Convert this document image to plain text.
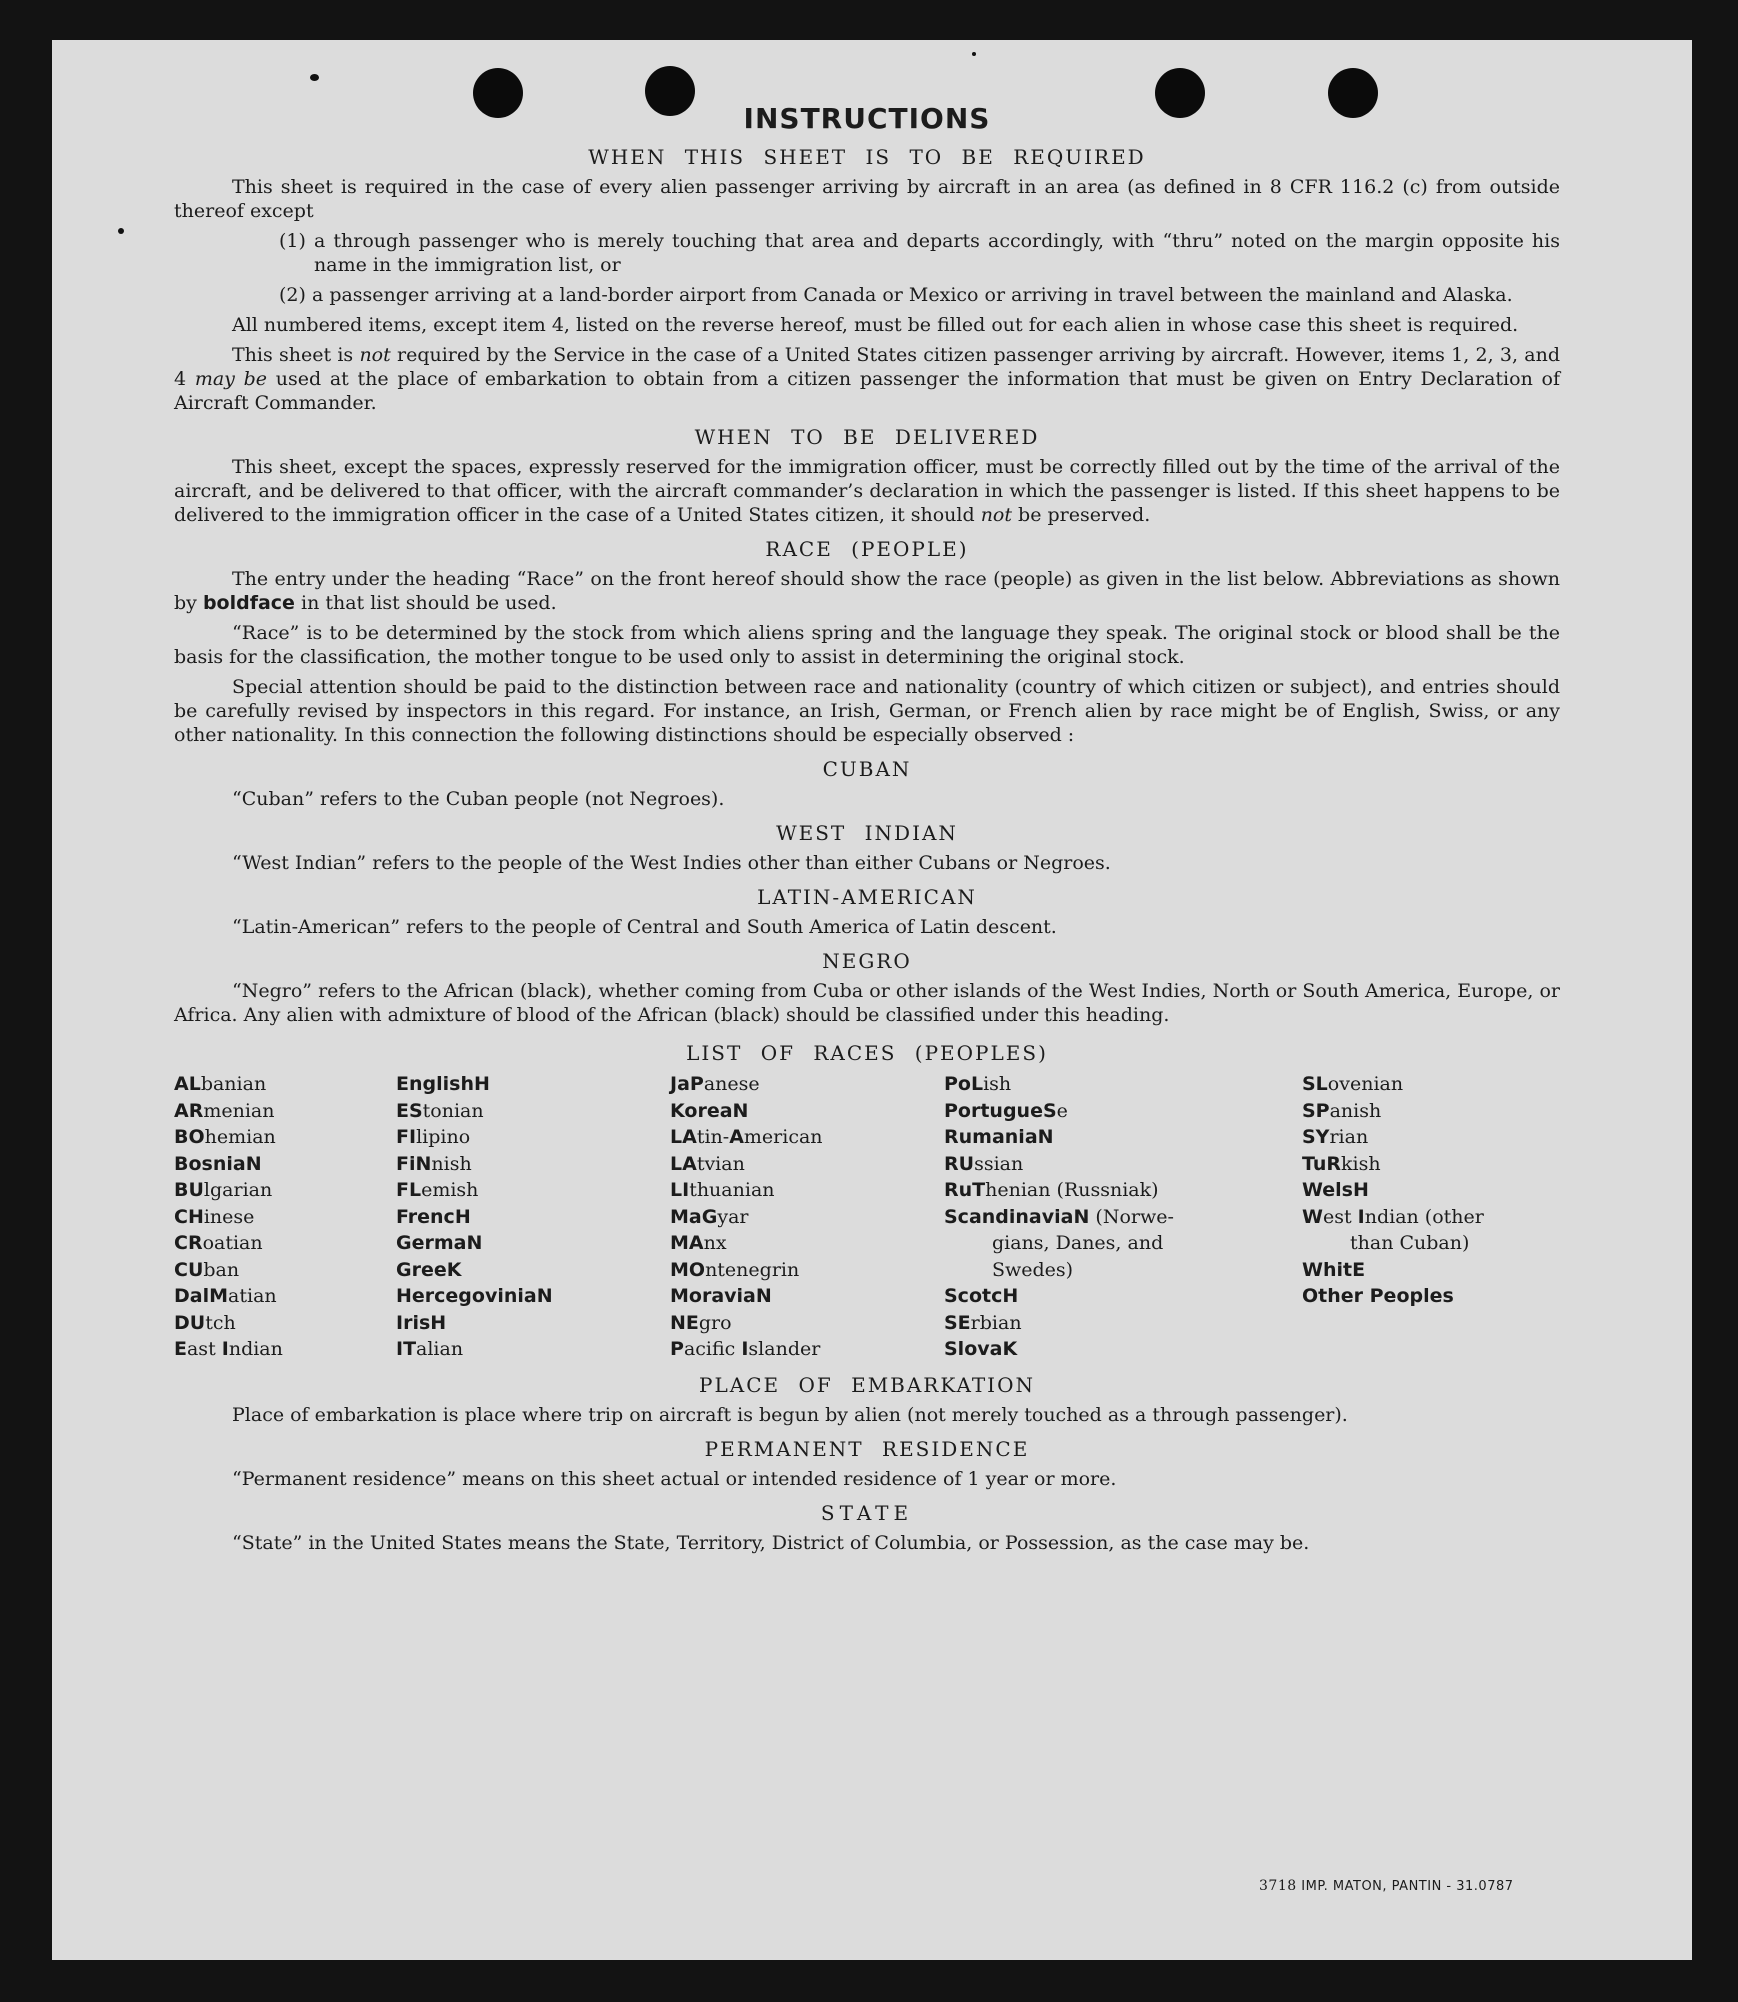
INSTRUCTIONS
WHEN THIS SHEET IS TO BE REQUIRED

This sheet is required in the case of every alien passenger arriving by aircraft in an area (as defined in 8 CFR 116.2 (c) from outside thereof except

(1) a through passenger who is merely touching that area and departs accordingly, with “thru” noted on the margin opposite his name in the immigration list, or

(2) a passenger arriving at a land-border airport from Canada or Mexico or arriving in travel between the mainland and Alaska.

All numbered items, except item 4, listed on the reverse hereof, must be filled out for each alien in whose case this sheet is required.

This sheet is not required by the Service in the case of a United States citizen passenger arriving by aircraft. However, items 1, 2, 3, and 4 may be used at the place of embarkation to obtain from a citizen passenger the information that must be given on Entry Declaration of Aircraft Commander.

WHEN TO BE DELIVERED

This sheet, except the spaces, expressly reserved for the immigration officer, must be correctly filled out by the time of the arrival of the aircraft, and be delivered to that officer, with the aircraft commander’s declaration in which the passenger is listed. If this sheet happens to be delivered to the immigration officer in the case of a United States citizen, it should not be preserved.

RACE (PEOPLE)

The entry under the heading “Race” on the front hereof should show the race (people) as given in the list below. Abbreviations as shown by boldface in that list should be used.

“Race” is to be determined by the stock from which aliens spring and the language they speak. The original stock or blood shall be the basis for the classification, the mother tongue to be used only to assist in determining the original stock.

Special attention should be paid to the distinction between race and nationality (country of which citizen or subject), and entries should be carefully revised by inspectors in this regard. For instance, an Irish, German, or French alien by race might be of English, Swiss, or any other nationality. In this connection the following distinctions should be especially observed :

CUBAN

“Cuban” refers to the Cuban people (not Negroes).

WEST INDIAN

“West Indian” refers to the people of the West Indies other than either Cubans or Negroes.

LATIN-AMERICAN

“Latin-American” refers to the people of Central and South America of Latin descent.

NEGRO

“Negro” refers to the African (black), whether coming from Cuba or other islands of the West Indies, North or South America, Europe, or Africa. Any alien with admixture of blood of the African (black) should be classified under this heading.

LIST OF RACES (PEOPLES)
ALbanian
ARmenian
BOhemian
BosniaN
BUlgarian
CHinese
CRoatian
CUban
DalMatian
DUtch
East Indian
EnglishH
EStonian
FIlipino
FiNnish
FLemish
FrencH
GermaN
GreeK
HercegoviniaN
IrisH
ITalian
JaPanese
KoreaN
LAtin-American
LAtvian
LIthuanian
MaGyar
MAnx
MOntenegrin
MoraviaN
NEgro
Pacific Islander
PoLish
PortugueSe
RumaniaN
RUssian
RuThenian (Russniak)
ScandinaviaN (Norwe-
gians, Danes, and
Swedes)
ScotcH
SErbian
SlovaK
SLovenian
SPanish
SYrian
TuRkish
WelsH
West Indian (other
than Cuban)
WhitE
Other Peoples
PLACE OF EMBARKATION

Place of embarkation is place where trip on aircraft is begun by alien (not merely touched as a through passenger).

PERMANENT RESIDENCE

“Permanent residence” means on this sheet actual or intended residence of 1 year or more.

STATE

“State” in the United States means the State, Territory, District of Columbia, or Possession, as the case may be.

3718 IMP. MATON, PANTIN - 31.0787
